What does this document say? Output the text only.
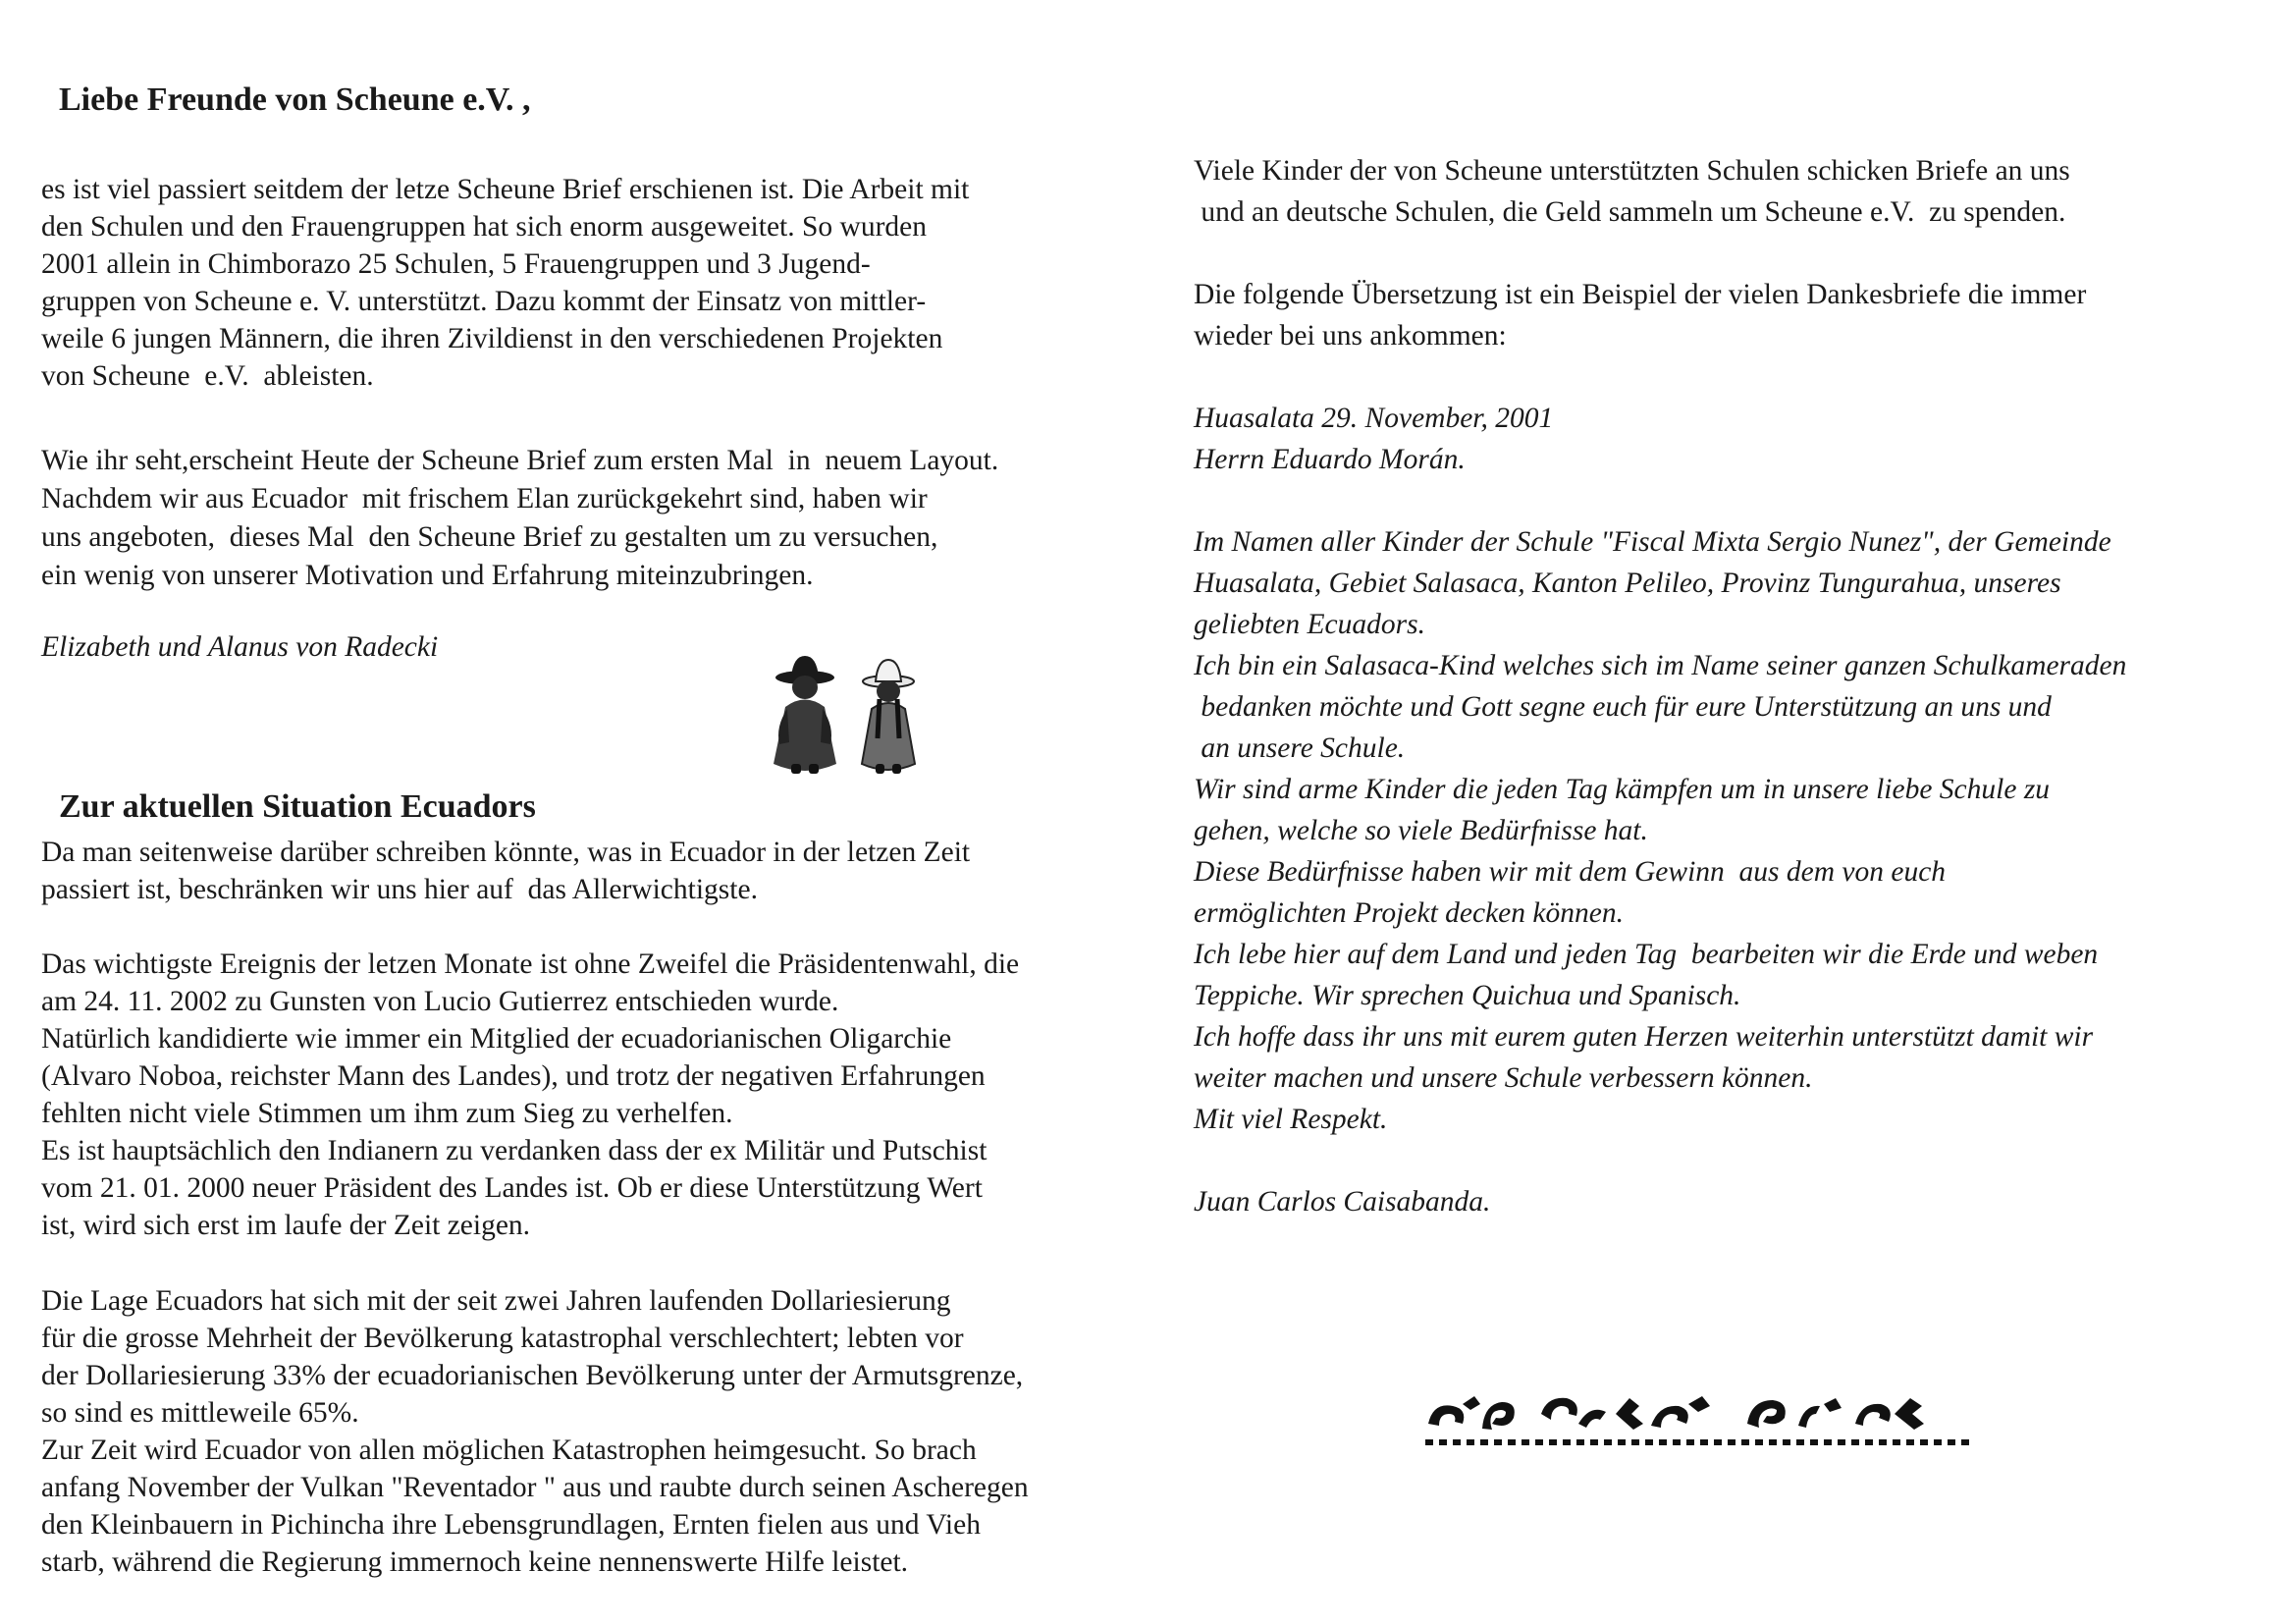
Liebe Freunde von Scheune e.V. ,
es ist viel passiert seitdem der letze Scheune Brief erschienen ist. Die Arbeit mit
den Schulen und den Frauengruppen hat sich enorm ausgeweitet. So wurden
2001 allein in Chimborazo 25 Schulen, 5 Frauengruppen und 3 Jugend-
gruppen von Scheune e. V. unterstützt. Dazu kommt der Einsatz von mittler-
weile 6 jungen Männern, die ihren Zivildienst in den verschiedenen Projekten
von Scheune  e.V.  ableisten.
Wie ihr seht,erscheint Heute der Scheune Brief zum ersten Mal  in  neuem Layout.
Nachdem wir aus Ecuador  mit frischem Elan zurückgekehrt sind, haben wir
uns angeboten,  dieses Mal  den Scheune Brief zu gestalten um zu versuchen,
ein wenig von unserer Motivation und Erfahrung miteinzubringen.
Elizabeth und Alanus von Radecki
Zur aktuellen Situation Ecuadors
Da man seitenweise darüber schreiben könnte, was in Ecuador in der letzen Zeit
passiert ist, beschränken wir uns hier auf  das Allerwichtigste.
Das wichtigste Ereignis der letzen Monate ist ohne Zweifel die Präsidentenwahl, die
am 24. 11. 2002 zu Gunsten von Lucio Gutierrez entschieden wurde.
Natürlich kandidierte wie immer ein Mitglied der ecuadorianischen Oligarchie
(Alvaro Noboa, reichster Mann des Landes), und trotz der negativen Erfahrungen
fehlten nicht viele Stimmen um ihm zum Sieg zu verhelfen.
Es ist hauptsächlich den Indianern zu verdanken dass der ex Militär und Putschist
vom 21. 01. 2000 neuer Präsident des Landes ist. Ob er diese Unterstützung Wert
ist, wird sich erst im laufe der Zeit zeigen.
Die Lage Ecuadors hat sich mit der seit zwei Jahren laufenden Dollariesierung
für die grosse Mehrheit der Bevölkerung katastrophal verschlechtert; lebten vor
der Dollariesierung 33% der ecuadorianischen Bevölkerung unter der Armutsgrenze,
so sind es mittleweile 65%.
Zur Zeit wird Ecuador von allen möglichen Katastrophen heimgesucht. So brach
anfang November der Vulkan "Reventador " aus und raubte durch seinen Ascheregen
den Kleinbauern in Pichincha ihre Lebensgrundlagen, Ernten fielen aus und Vieh
starb, während die Regierung immernoch keine nennenswerte Hilfe leistet.
Viele Kinder der von Scheune unterstützten Schulen schicken Briefe an uns
und an deutsche Schulen, die Geld sammeln um Scheune e.V.  zu spenden.
Die folgende Übersetzung ist ein Beispiel der vielen Dankesbriefe die immer
wieder bei uns ankommen:
Huasalata 29. November, 2001
Herrn Eduardo Morán.
Im Namen aller Kinder der Schule "Fiscal Mixta Sergio Nunez", der Gemeinde
Huasalata, Gebiet Salasaca, Kanton Pelileo, Provinz Tungurahua, unseres
geliebten Ecuadors.
Ich bin ein Salasaca-Kind welches sich im Name seiner ganzen Schulkameraden
bedanken möchte und Gott segne euch für eure Unterstützung an uns und
an unsere Schule.
Wir sind arme Kinder die jeden Tag kämpfen um in unsere liebe Schule zu
gehen, welche so viele Bedürfnisse hat.
Diese Bedürfnisse haben wir mit dem Gewinn  aus dem von euch
ermöglichten Projekt decken können.
Ich lebe hier auf dem Land und jeden Tag  bearbeiten wir die Erde und weben
Teppiche. Wir sprechen Quichua und Spanisch.
Ich hoffe dass ihr uns mit eurem guten Herzen weiterhin unterstützt damit wir
weiter machen und unsere Schule verbessern können.
Mit viel Respekt.
Juan Carlos Caisabanda.
